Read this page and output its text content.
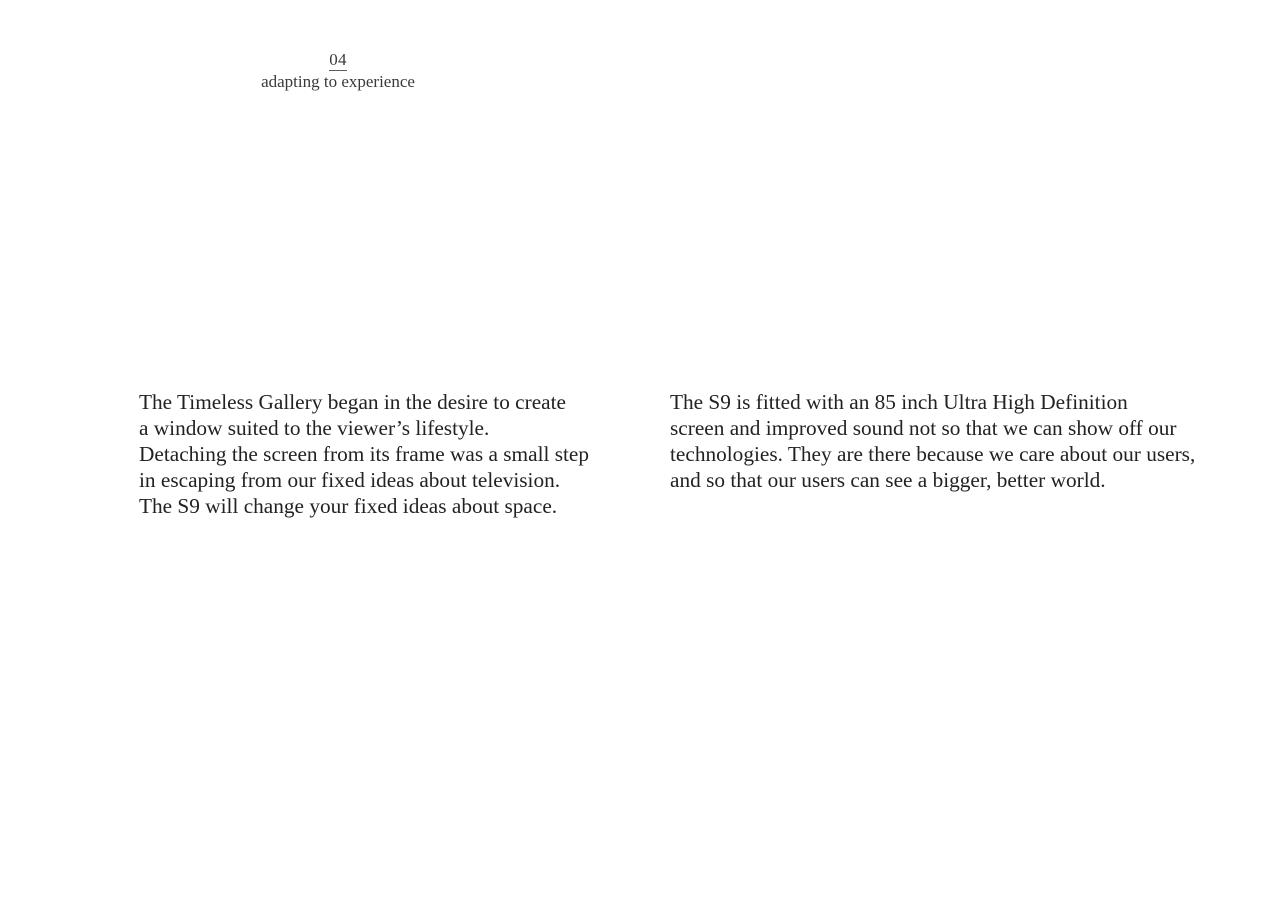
04
adapting to experience

The Timeless Gallery began in the desire to create
a window suited to the viewer’s lifestyle.
Detaching the screen from its frame was a small step
in escaping from our fixed ideas about television.
The S9 will change your fixed ideas about space.

The S9 is fitted with an 85 inch Ultra High Definition
screen and improved sound not so that we can show off our
technologies. They are there because we care about our users,
and so that our users can see a bigger, better world.
